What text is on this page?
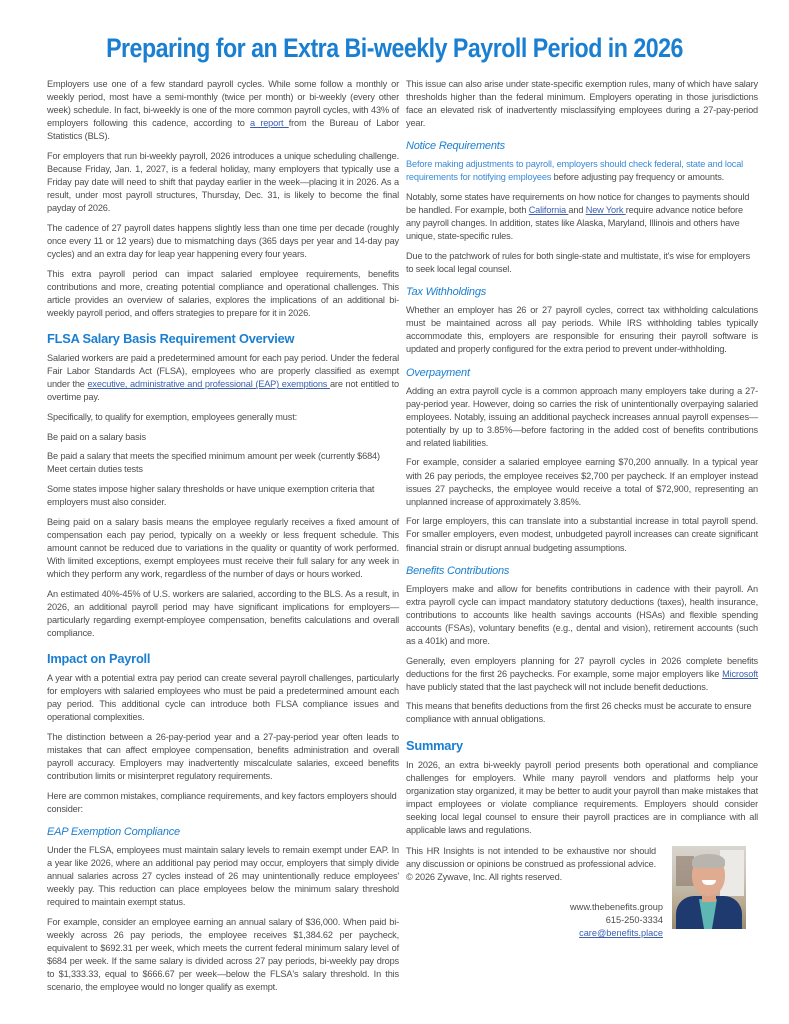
Preparing for an Extra Bi-weekly Payroll Period in 2026

Employers use one of a few standard payroll cycles. While some follow a monthly or weekly period, most have a semi-monthly (twice per month) or bi-weekly (every other week) schedule. In fact, bi-weekly is one of the more common payroll cycles, with 43% of employers following this cadence, according to a report from the Bureau of Labor Statistics (BLS).

For employers that run bi-weekly payroll, 2026 introduces a unique scheduling challenge. Because Friday, Jan. 1, 2027, is a federal holiday, many employers that typically use a Friday pay date will need to shift that payday earlier in the week—placing it in 2026. As a result, under most payroll structures, Thursday, Dec. 31, is likely to become the final payday of 2026.

The cadence of 27 payroll dates happens slightly less than one time per decade (roughly once every 11 or 12 years) due to mismatching days (365 days per year and 14-day pay cycles) and an extra day for leap year happening every four years.

This extra payroll period can impact salaried employee requirements, benefits contributions and more, creating potential compliance and operational challenges. This article provides an overview of salaries, explores the implications of an additional bi-weekly payroll period, and offers strategies to prepare for it in 2026.

FLSA Salary Basis Requirement Overview

Salaried workers are paid a predetermined amount for each pay period. Under the federal Fair Labor Standards Act (FLSA), employees who are properly classified as exempt under the executive, administrative and professional (EAP) exemptions are not entitled to overtime pay.

Specifically, to qualify for exemption, employees generally must:

Be paid on a salary basis

Be paid a salary that meets the specified minimum amount per week (currently $684)

Meet certain duties tests

Some states impose higher salary thresholds or have unique exemption criteria that employers must also consider.

Being paid on a salary basis means the employee regularly receives a fixed amount of compensation each pay period, typically on a weekly or less frequent schedule. This amount cannot be reduced due to variations in the quality or quantity of work performed. With limited exceptions, exempt employees must receive their full salary for any week in which they perform any work, regardless of the number of days or hours worked.

An estimated 40%-45% of U.S. workers are salaried, according to the BLS. As a result, in 2026, an additional payroll period may have significant implications for employers—particularly regarding exempt-employee compensation, benefits calculations and overall compliance.

Impact on Payroll

A year with a potential extra pay period can create several payroll challenges, particularly for employers with salaried employees who must be paid a predetermined amount each pay period. This additional cycle can introduce both FLSA compliance issues and operational complexities.

The distinction between a 26-pay-period year and a 27-pay-period year often leads to mistakes that can affect employee compensation, benefits administration and overall payroll accuracy. Employers may inadvertently miscalculate salaries, exceed benefits contribution limits or misinterpret regulatory requirements.

Here are common mistakes, compliance requirements, and key factors employers should consider:

EAP Exemption Compliance

Under the FLSA, employees must maintain salary levels to remain exempt under EAP. In a year like 2026, where an additional pay period may occur, employers that simply divide annual salaries across 27 cycles instead of 26 may unintentionally reduce employees' weekly pay. This reduction can place employees below the minimum salary threshold required to maintain exempt status.

For example, consider an employee earning an annual salary of $36,000. When paid bi-weekly across 26 pay periods, the employee receives $1,384.62 per paycheck, equivalent to $692.31 per week, which meets the current federal minimum salary level of $684 per week. If the same salary is divided across 27 pay periods, bi-weekly pay drops to $1,333.33, equal to $666.67 per week—below the FLSA's salary threshold. In this scenario, the employee would no longer qualify as exempt.

This issue can also arise under state-specific exemption rules, many of which have salary thresholds higher than the federal minimum. Employers operating in those jurisdictions face an elevated risk of inadvertently misclassifying employees during a 27-pay-period year.

Notice Requirements

Before making adjustments to payroll, employers should check federal, state and local requirements for notifying employees before adjusting pay frequency or amounts.

Notably, some states have requirements on how notice for changes to payments should be handled. For example, both California and New York require advance notice before any payroll changes. In addition, states like Alaska, Maryland, Illinois and others have unique, state-specific rules.

Due to the patchwork of rules for both single-state and multistate, it's wise for employers to seek local legal counsel.

Tax Withholdings

Whether an employer has 26 or 27 payroll cycles, correct tax withholding calculations must be maintained across all pay periods. While IRS withholding tables typically accommodate this, employers are responsible for ensuring their payroll software is updated and properly configured for the extra period to prevent under-withholding.

Overpayment

Adding an extra payroll cycle is a common approach many employers take during a 27-pay-period year. However, doing so carries the risk of unintentionally overpaying salaried employees. Notably, issuing an additional paycheck increases annual payroll expenses—potentially by up to 3.85%—before factoring in the added cost of benefits contributions and related liabilities.

For example, consider a salaried employee earning $70,200 annually. In a typical year with 26 pay periods, the employee receives $2,700 per paycheck. If an employer instead issues 27 paychecks, the employee would receive a total of $72,900, representing an unplanned increase of approximately 3.85%.

For large employers, this can translate into a substantial increase in total payroll spend. For smaller employers, even modest, unbudgeted payroll increases can create significant financial strain or disrupt annual budgeting assumptions.

Benefits Contributions

Employers make and allow for benefits contributions in cadence with their payroll. An extra payroll cycle can impact mandatory statutory deductions (taxes), health insurance, contributions to accounts like health savings accounts (HSAs) and flexible spending accounts (FSAs), voluntary benefits (e.g., dental and vision), retirement accounts (such as a 401k) and more.

Generally, even employers planning for 27 payroll cycles in 2026 complete benefits deductions for the first 26 paychecks. For example, some major employers like Microsoft have publicly stated that the last paycheck will not include benefit deductions.

This means that benefits deductions from the first 26 checks must be accurate to ensure compliance with annual obligations.

Summary

In 2026, an extra bi-weekly payroll period presents both operational and compliance challenges for employers. While many payroll vendors and platforms help your organization stay organized, it may be better to audit your payroll than make mistakes that impact employees or violate compliance requirements. Employers should consider seeking local legal counsel to ensure their payroll practices are in compliance with all applicable laws and regulations.

This HR Insights is not intended to be exhaustive nor should any discussion or opinions be construed as professional advice.

© 2026 Zywave, Inc. All rights reserved.

www.thebenefits.group
615-250-3334
care@benefits.place
